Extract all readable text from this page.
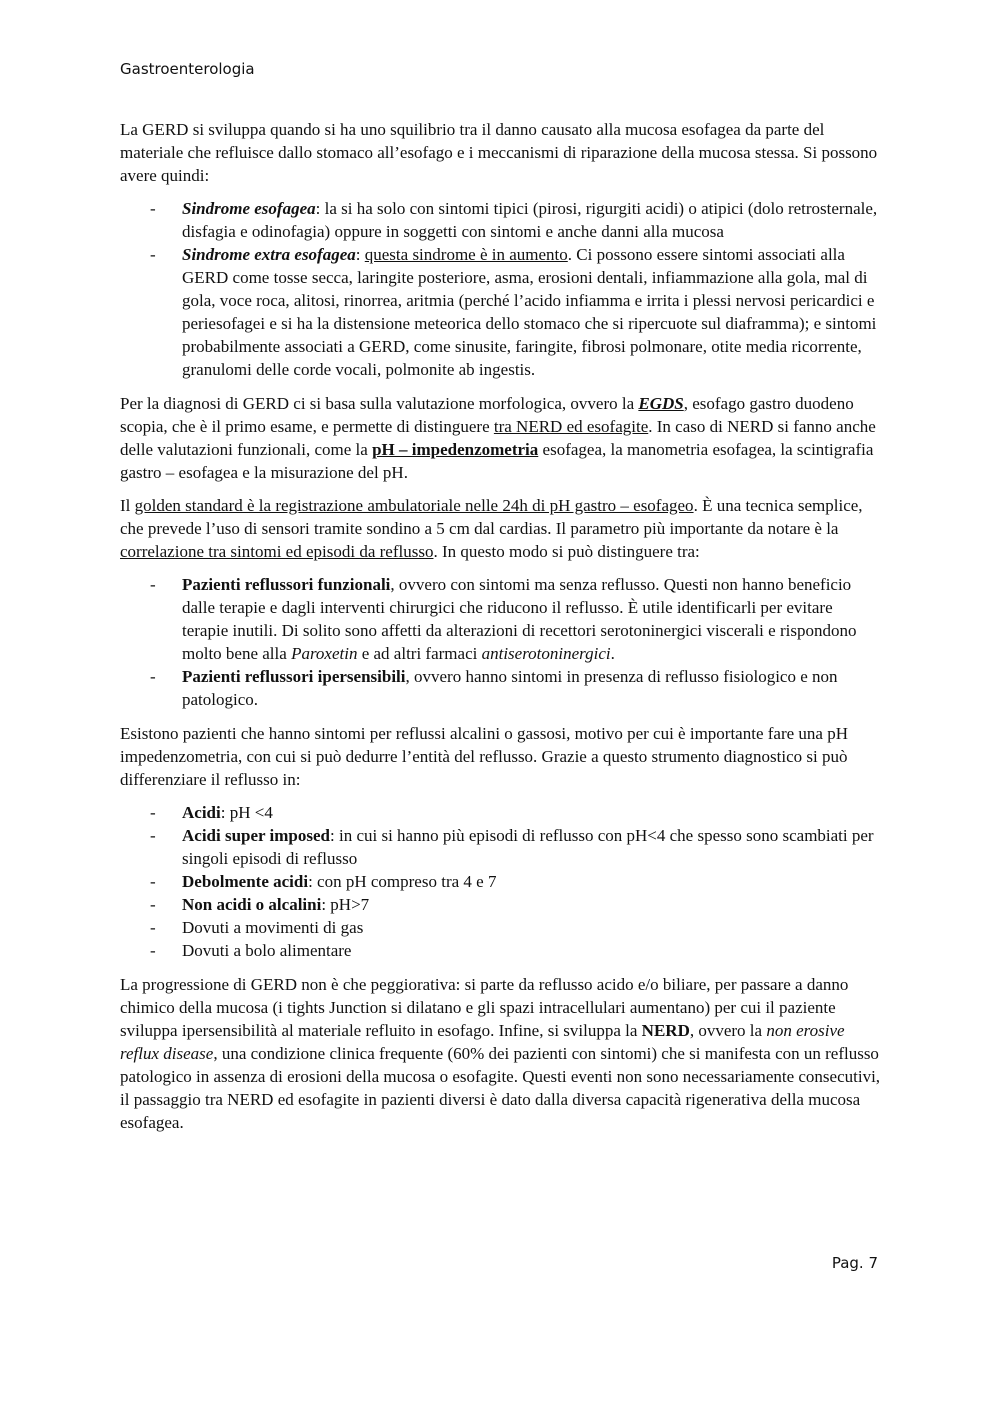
Gastroenterologia

La GERD si sviluppa quando si ha uno squilibrio tra il danno causato alla mucosa esofagea da parte del materiale che refluisce dallo stomaco all’esofago e i meccanismi di riparazione della mucosa stessa. Si possono avere quindi:

- Sindrome esofagea: la si ha solo con sintomi tipici (pirosi, rigurgiti acidi) o atipici (dolo retrosternale, disfagia e odinofagia) oppure in soggetti con sintomi e anche danni alla mucosa
- Sindrome extra esofagea: questa sindrome è in aumento. Ci possono essere sintomi associati alla GERD come tosse secca, laringite posteriore, asma, erosioni dentali, infiammazione alla gola, mal di gola, voce roca, alitosi, rinorrea, aritmia (perché l’acido infiamma e irrita i plessi nervosi pericardici e periesofagei e si ha la distensione meteorica dello stomaco che si ripercuote sul diaframma); e sintomi probabilmente associati a GERD, come sinusite, faringite, fibrosi polmonare, otite media ricorrente, granulomi delle corde vocali, polmonite ab ingestis.

Per la diagnosi di GERD ci si basa sulla valutazione morfologica, ovvero la EGDS, esofago gastro duodeno scopia, che è il primo esame, e permette di distinguere tra NERD ed esofagite. In caso di NERD si fanno anche delle valutazioni funzionali, come la pH – impedenzometria esofagea, la manometria esofagea, la scintigrafia gastro – esofagea e la misurazione del pH.

Il golden standard è la registrazione ambulatoriale nelle 24h di pH gastro – esofageo. È una tecnica semplice, che prevede l’uso di sensori tramite sondino a 5 cm dal cardias. Il parametro più importante da notare è la correlazione tra sintomi ed episodi da reflusso. In questo modo si può distinguere tra:

- Pazienti reflussori funzionali, ovvero con sintomi ma senza reflusso. Questi non hanno beneficio dalle terapie e dagli interventi chirurgici che riducono il reflusso. È utile identificarli per evitare terapie inutili. Di solito sono affetti da alterazioni di recettori serotoninergici viscerali e rispondono molto bene alla Paroxetin e ad altri farmaci antiserotoninergici.
- Pazienti reflussori ipersensibili, ovvero hanno sintomi in presenza di reflusso fisiologico e non patologico.

Esistono pazienti che hanno sintomi per reflussi alcalini o gassosi, motivo per cui è importante fare una pH impedenzometria, con cui si può dedurre l’entità del reflusso. Grazie a questo strumento diagnostico si può differenziare il reflusso in:

- Acidi: pH <4
- Acidi super imposed: in cui si hanno più episodi di reflusso con pH<4 che spesso sono scambiati per singoli episodi di reflusso
- Debolmente acidi: con pH compreso tra 4 e 7
- Non acidi o alcalini: pH>7
- Dovuti a movimenti di gas
- Dovuti a bolo alimentare

La progressione di GERD non è che peggiorativa: si parte da reflusso acido e/o biliare, per passare a danno chimico della mucosa (i tights Junction si dilatano e gli spazi intracellulari aumentano) per cui il paziente sviluppa ipersensibilità al materiale refluito in esofago. Infine, si sviluppa la NERD, ovvero la non erosive reflux disease, una condizione clinica frequente (60% dei pazienti con sintomi) che si manifesta con un reflusso patologico in assenza di erosioni della mucosa o esofagite. Questi eventi non sono necessariamente consecutivi, il passaggio tra NERD ed esofagite in pazienti diversi è dato dalla diversa capacità rigenerativa della mucosa esofagea.

Pag. 7
